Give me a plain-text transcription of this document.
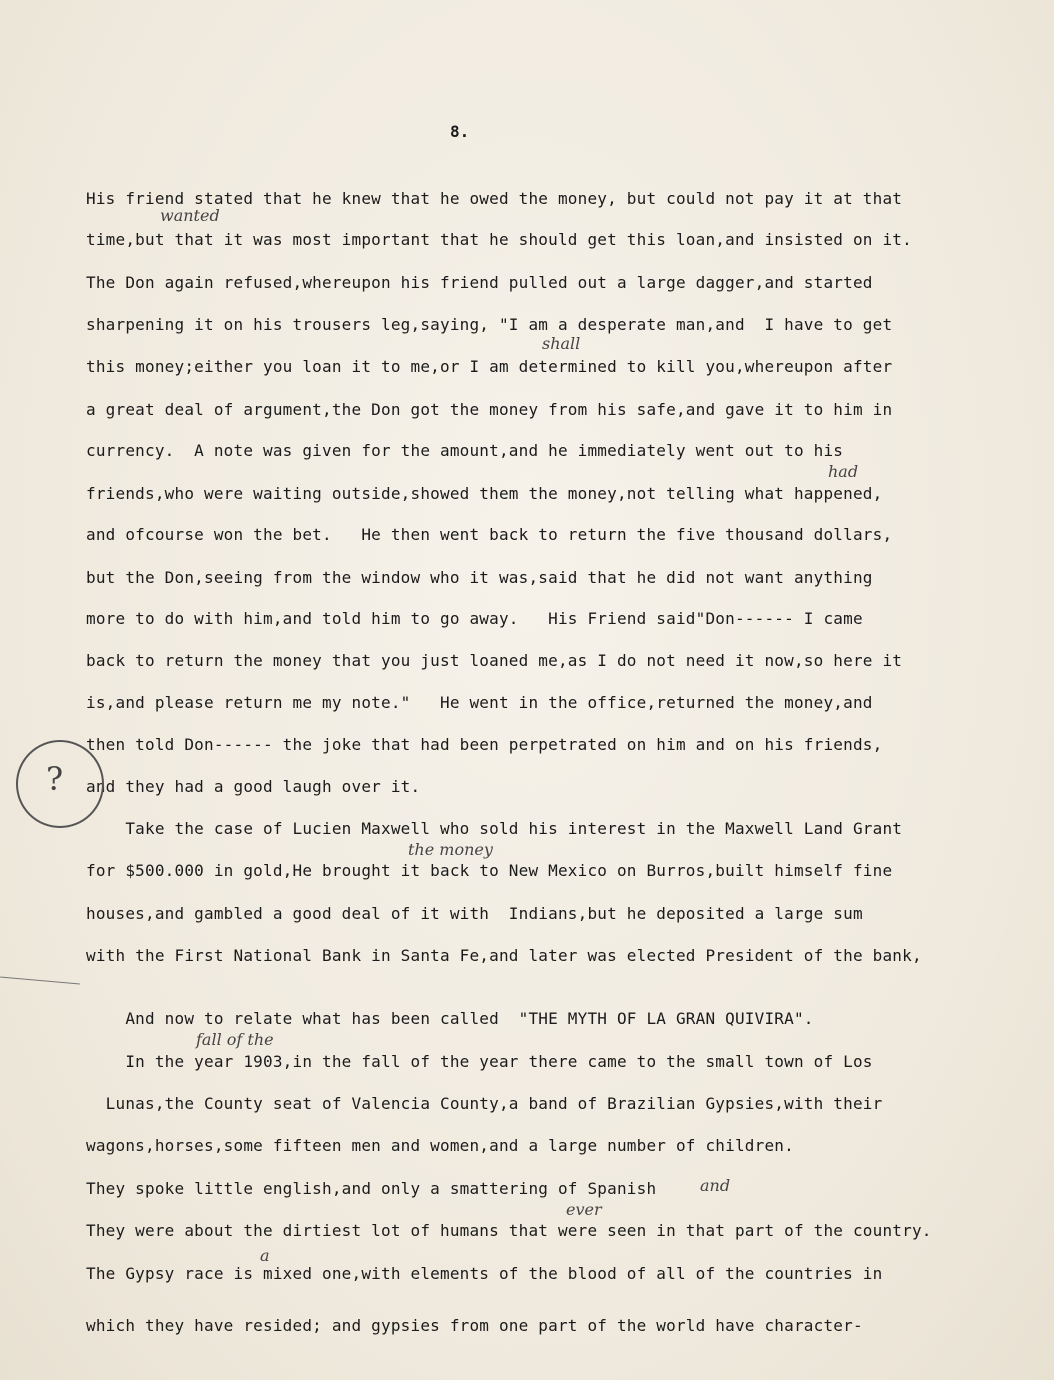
8.
His friend stated that he knew that he owed the money, but could not pay it at that
time,but that it was most important that he should get this loan,and insisted on it.
The Don again refused,whereupon his friend pulled out a large dagger,and started
sharpening it on his trousers leg,saying, "I am a desperate man,and  I have to get
this money;either you loan it to me,or I am determined to kill you,whereupon after
a great deal of argument,the Don got the money from his safe,and gave it to him in
currency.  A note was given for the amount,and he immediately went out to his
friends,who were waiting outside,showed them the money,not telling what happened,
and ofcourse won the bet.   He then went back to return the five thousand dollars,
but the Don,seeing from the window who it was,said that he did not want anything
more to do with him,and told him to go away.   His Friend said"Don------ I came
back to return the money that you just loaned me,as I do not need it now,so here it
is,and please return me my note."   He went in the office,returned the money,and
then told Don------ the joke that had been perpetrated on him and on his friends,
and they had a good laugh over it.
Take the case of Lucien Maxwell who sold his interest in the Maxwell Land Grant
for $500.000 in gold,He brought it back to New Mexico on Burros,built himself fine
houses,and gambled a good deal of it with  Indians,but he deposited a large sum
with the First National Bank in Santa Fe,and later was elected President of the bank,
And now to relate what has been called  "THE MYTH OF LA GRAN QUIVIRA".
In the year 1903,in the fall of the year there came to the small town of Los
Lunas,the County seat of Valencia County,a band of Brazilian Gypsies,with their
wagons,horses,some fifteen men and women,and a large number of children.
They spoke little english,and only a smattering of Spanish
They were about the dirtiest lot of humans that were seen in that part of the country.
The Gypsy race is mixed one,with elements of the blood of all of the countries in
which they have resided; and gypsies from one part of the world have character-
wanted
shall
had
the money
fall of the
and
ever
a
?
